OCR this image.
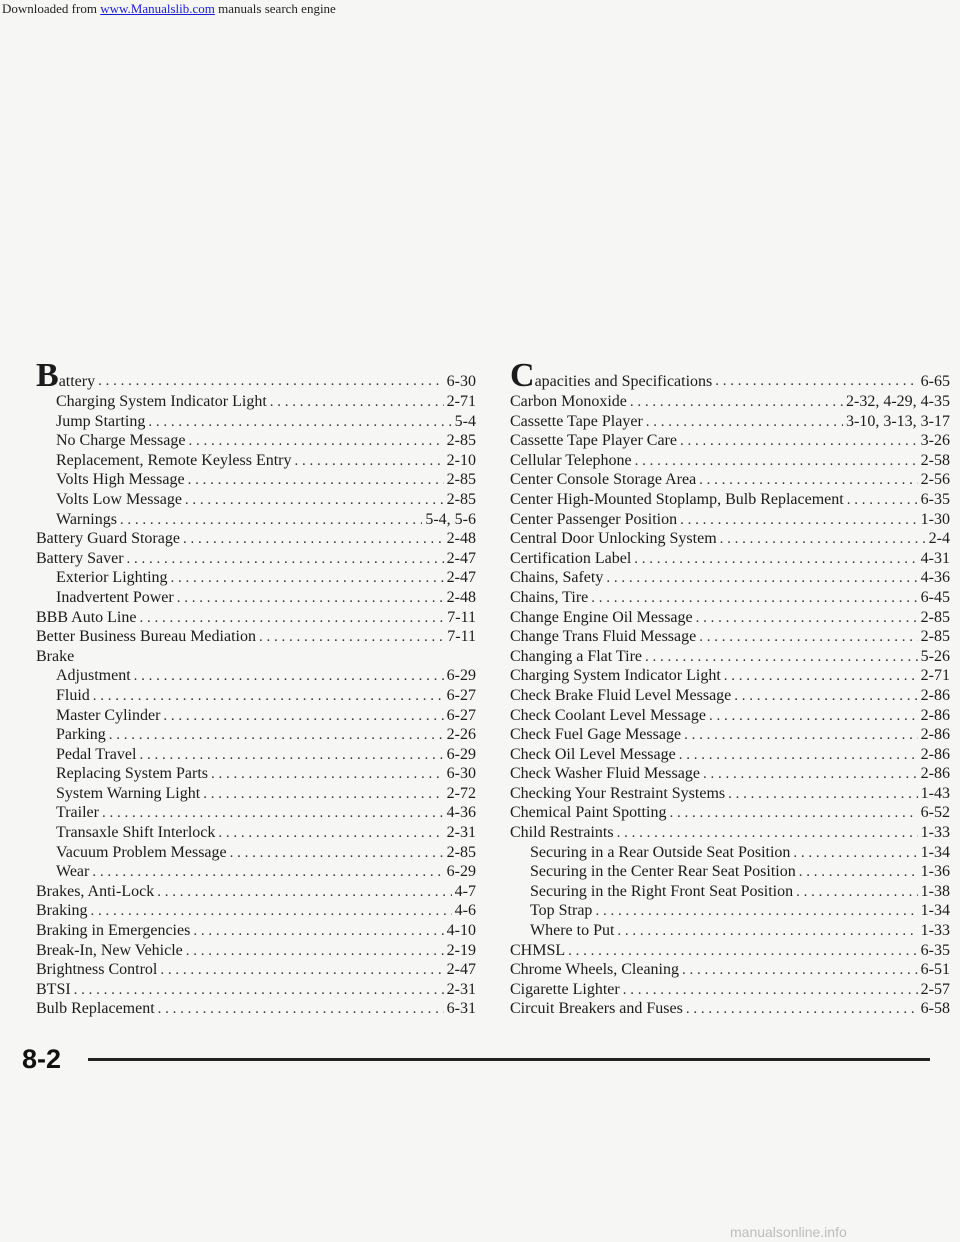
Downloaded from www.Manualslib.com manuals search engine
Battery . . .	6-30
Charging System Indicator Light . . .	2-71
Jump Starting . . .	5-4
No Charge Message . . .	2-85
Replacement, Remote Keyless Entry . . .	2-10
Volts High Message . . .	2-85
Volts Low Message . . .	2-85
Warnings . . .	5-4, 5-6
Battery Guard Storage . . .	2-48
Battery Saver . . .	2-47
Exterior Lighting . . .	2-47
Inadvertent Power . . .	2-48
BBB Auto Line . . .	7-11
Better Business Bureau Mediation . . .	7-11
Brake
Adjustment . . .	6-29
Fluid . . .	6-27
Master Cylinder . . .	6-27
Parking . . .	2-26
Pedal Travel . . .	6-29
Replacing System Parts . . .	6-30
System Warning Light . . .	2-72
Trailer . . .	4-36
Transaxle Shift Interlock . . .	2-31
Vacuum Problem Message . . .	2-85
Wear . . .	6-29
Brakes, Anti-Lock . . .	4-7
Braking . . .	4-6
Braking in Emergencies . . .	4-10
Break-In, New Vehicle . . .	2-19
Brightness Control . . .	2-47
BTSI . . .	2-31
Bulb Replacement . . .	6-31
Capacities and Specifications . . .	6-65
Carbon Monoxide . . .	2-32, 4-29, 4-35
Cassette Tape Player . . .	3-10, 3-13, 3-17
Cassette Tape Player Care . . .	3-26
Cellular Telephone . . .	2-58
Center Console Storage Area . . .	2-56
Center High-Mounted Stoplamp, Bulb Replacement . . .	6-35
Center Passenger Position . . .	1-30
Central Door Unlocking System . . .	2-4
Certification Label . . .	4-31
Chains, Safety . . .	4-36
Chains, Tire . . .	6-45
Change Engine Oil Message . . .	2-85
Change Trans Fluid Message . . .	2-85
Changing a Flat Tire . . .	5-26
Charging System Indicator Light . . .	2-71
Check Brake Fluid Level Message . . .	2-86
Check Coolant Level Message . . .	2-86
Check Fuel Gage Message . . .	2-86
Check Oil Level Message . . .	2-86
Check Washer Fluid Message . . .	2-86
Checking Your Restraint Systems . . .	1-43
Chemical Paint Spotting . . .	6-52
Child Restraints . . .	1-33
Securing in a Rear Outside Seat Position . . .	1-34
Securing in the Center Rear Seat Position . . .	1-36
Securing in the Right Front Seat Position . . .	1-38
Top Strap . . .	1-34
Where to Put . . .	1-33
CHMSL . . .	6-35
Chrome Wheels, Cleaning . . .	6-51
Cigarette Lighter . . .	2-57
Circuit Breakers and Fuses . . .	6-58
8-2
manualsonline.info
